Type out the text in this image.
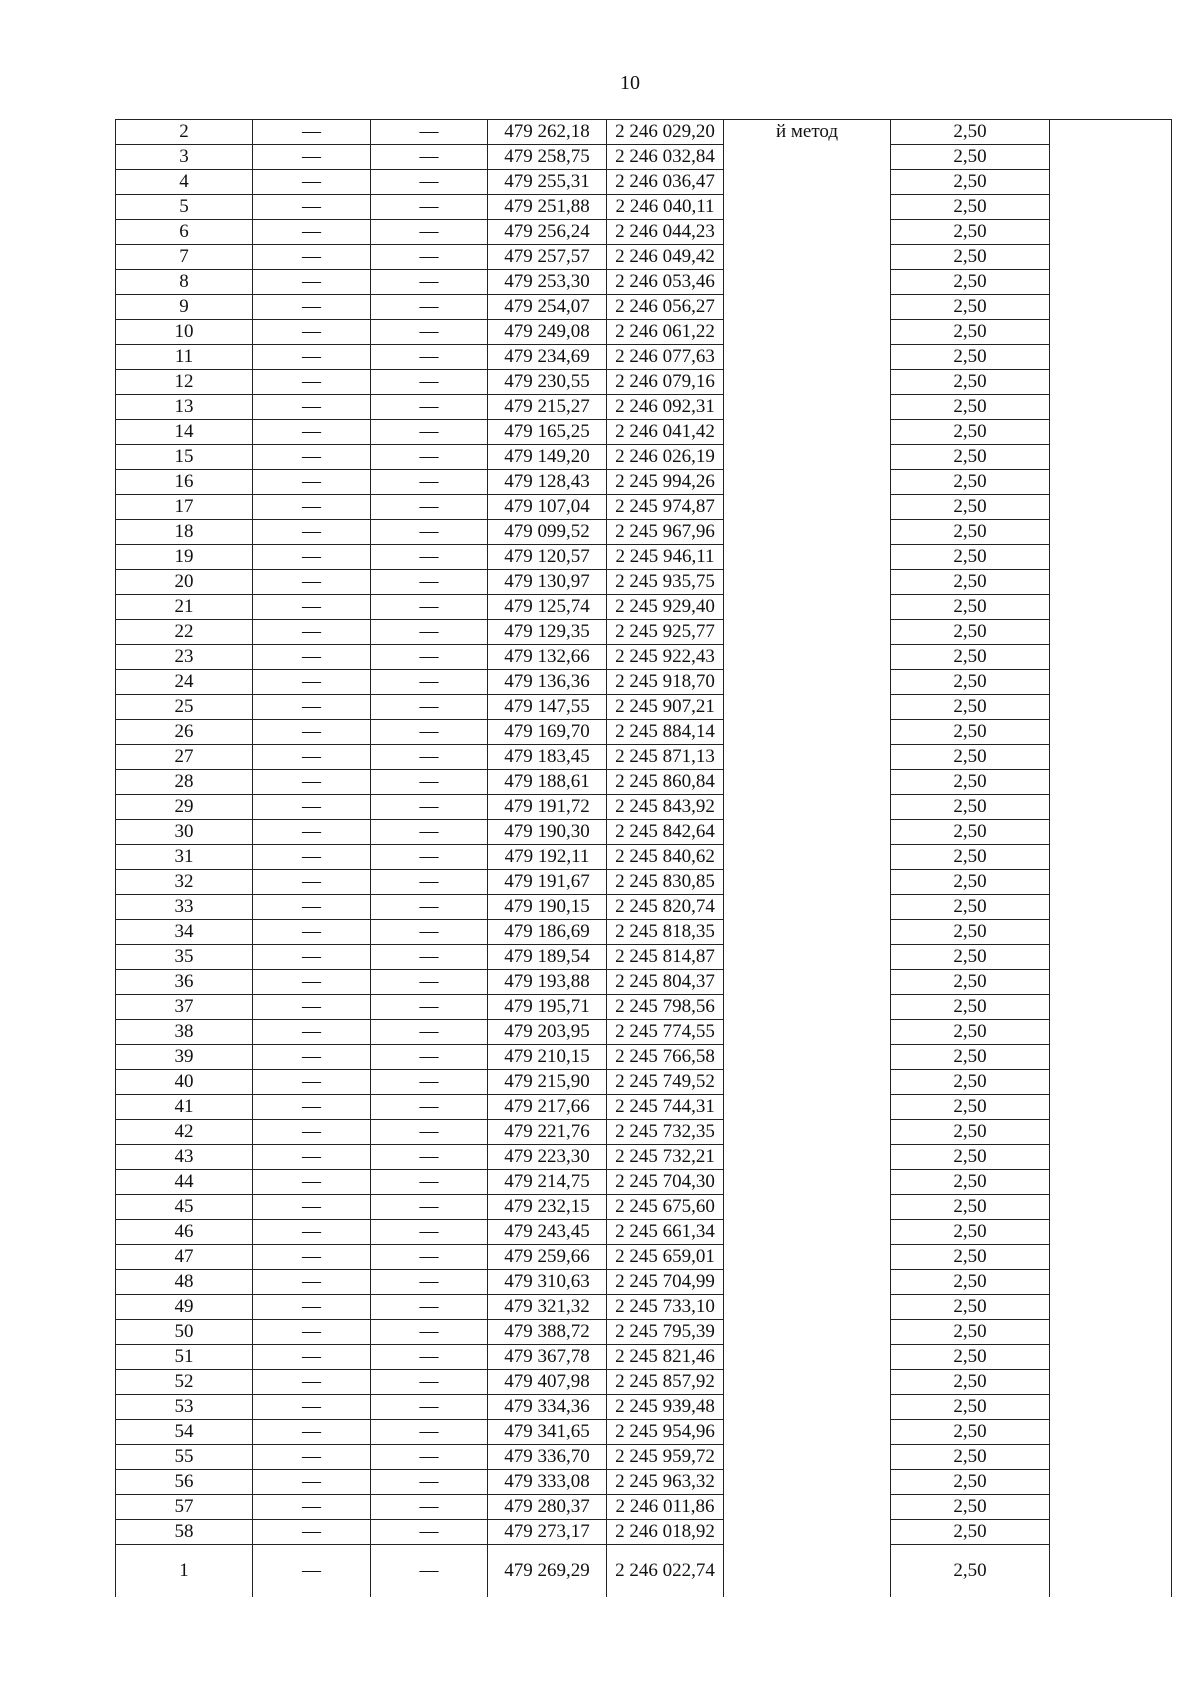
10
2	—	—	479 262,18	2 246 029,20	й метод	2,50	
3	—	—	479 258,75	2 246 032,84		2,50	
4	—	—	479 255,31	2 246 036,47		2,50	
5	—	—	479 251,88	2 246 040,11		2,50	
6	—	—	479 256,24	2 246 044,23		2,50	
7	—	—	479 257,57	2 246 049,42		2,50	
8	—	—	479 253,30	2 246 053,46		2,50	
9	—	—	479 254,07	2 246 056,27		2,50	
10	—	—	479 249,08	2 246 061,22		2,50	
11	—	—	479 234,69	2 246 077,63		2,50	
12	—	—	479 230,55	2 246 079,16		2,50	
13	—	—	479 215,27	2 246 092,31		2,50	
14	—	—	479 165,25	2 246 041,42		2,50	
15	—	—	479 149,20	2 246 026,19		2,50	
16	—	—	479 128,43	2 245 994,26		2,50	
17	—	—	479 107,04	2 245 974,87		2,50	
18	—	—	479 099,52	2 245 967,96		2,50	
19	—	—	479 120,57	2 245 946,11		2,50	
20	—	—	479 130,97	2 245 935,75		2,50	
21	—	—	479 125,74	2 245 929,40		2,50	
22	—	—	479 129,35	2 245 925,77		2,50	
23	—	—	479 132,66	2 245 922,43		2,50	
24	—	—	479 136,36	2 245 918,70		2,50	
25	—	—	479 147,55	2 245 907,21		2,50	
26	—	—	479 169,70	2 245 884,14		2,50	
27	—	—	479 183,45	2 245 871,13		2,50	
28	—	—	479 188,61	2 245 860,84		2,50	
29	—	—	479 191,72	2 245 843,92		2,50	
30	—	—	479 190,30	2 245 842,64		2,50	
31	—	—	479 192,11	2 245 840,62		2,50	
32	—	—	479 191,67	2 245 830,85		2,50	
33	—	—	479 190,15	2 245 820,74		2,50	
34	—	—	479 186,69	2 245 818,35		2,50	
35	—	—	479 189,54	2 245 814,87		2,50	
36	—	—	479 193,88	2 245 804,37		2,50	
37	—	—	479 195,71	2 245 798,56		2,50	
38	—	—	479 203,95	2 245 774,55		2,50	
39	—	—	479 210,15	2 245 766,58		2,50	
40	—	—	479 215,90	2 245 749,52		2,50	
41	—	—	479 217,66	2 245 744,31		2,50	
42	—	—	479 221,76	2 245 732,35		2,50	
43	—	—	479 223,30	2 245 732,21		2,50	
44	—	—	479 214,75	2 245 704,30		2,50	
45	—	—	479 232,15	2 245 675,60		2,50	
46	—	—	479 243,45	2 245 661,34		2,50	
47	—	—	479 259,66	2 245 659,01		2,50	
48	—	—	479 310,63	2 245 704,99		2,50	
49	—	—	479 321,32	2 245 733,10		2,50	
50	—	—	479 388,72	2 245 795,39		2,50	
51	—	—	479 367,78	2 245 821,46		2,50	
52	—	—	479 407,98	2 245 857,92		2,50	
53	—	—	479 334,36	2 245 939,48		2,50	
54	—	—	479 341,65	2 245 954,96		2,50	
55	—	—	479 336,70	2 245 959,72		2,50	
56	—	—	479 333,08	2 245 963,32		2,50	
57	—	—	479 280,37	2 246 011,86		2,50	
58	—	—	479 273,17	2 246 018,92		2,50	
1	—	—	479 269,29	2 246 022,74		2,50	
